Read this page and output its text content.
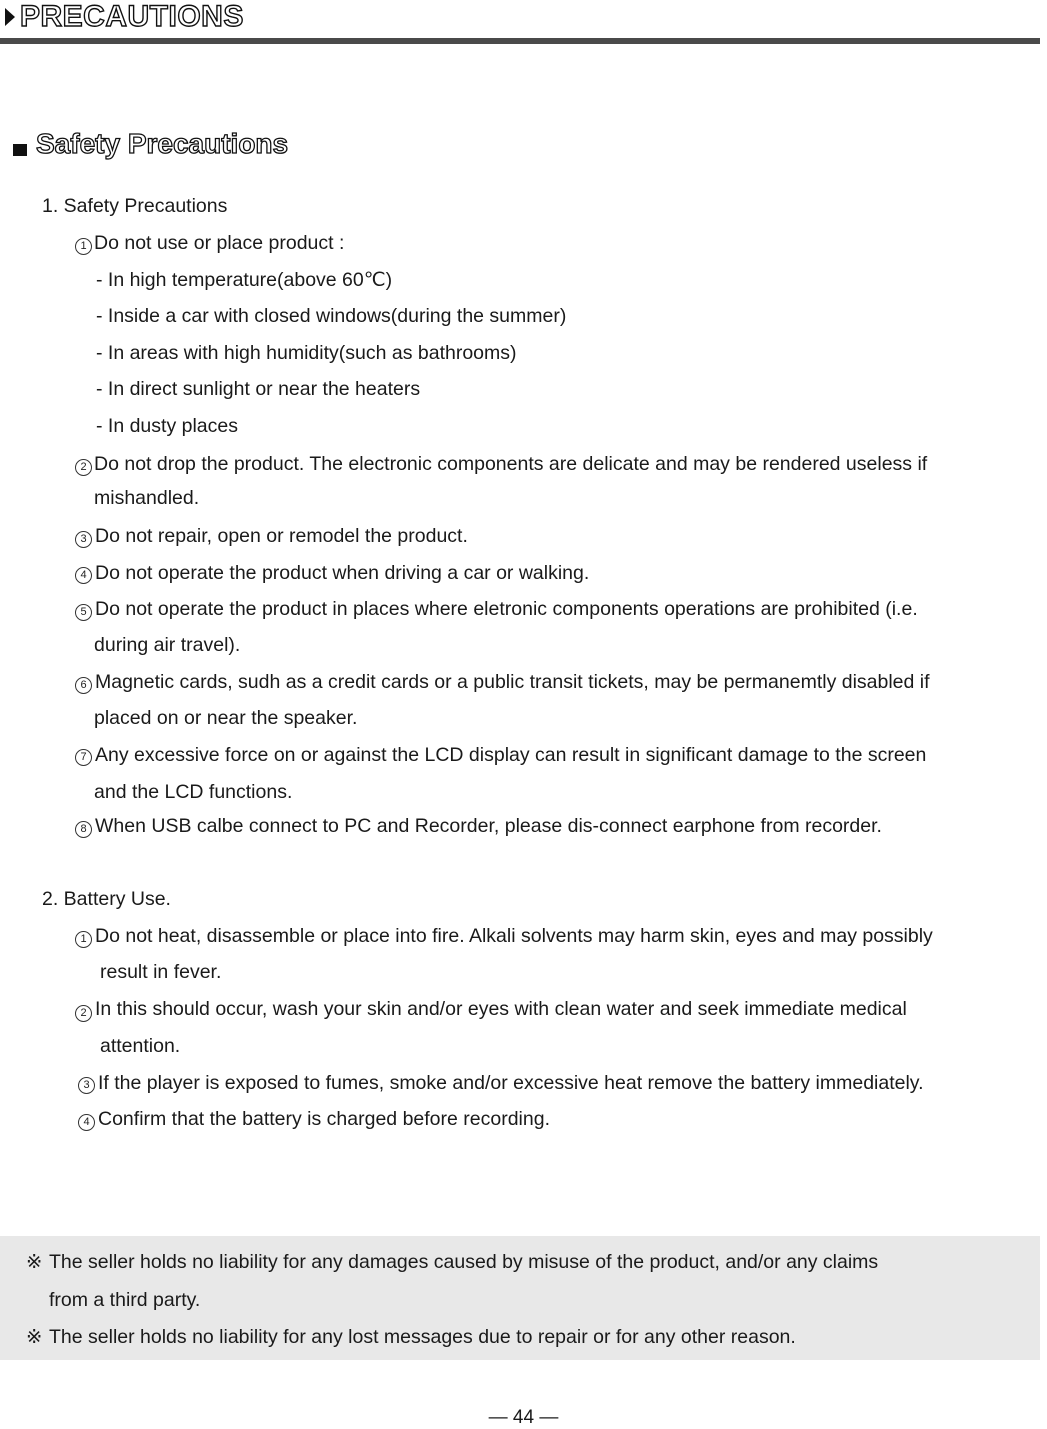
PRECAUTIONS
Safety Precautions
1. Safety Precautions
1 Do not use or place product :
- In high temperature(above 60℃)
- Inside a car with closed windows(during the summer)
- In areas with high humidity(such as bathrooms)
- In direct sunlight or near the heaters
- In dusty places
2 Do not drop the product. The electronic components are delicate and may be rendered useless if
mishandled.
3 Do not repair, open or remodel the product.
4 Do not operate the product when driving a car or walking.
5 Do not operate the product in places where eletronic components operations are prohibited (i.e.
during air travel).
6 Magnetic cards, sudh as a credit cards or a public transit tickets, may be permanemtly disabled if
placed on or near the speaker.
7 Any excessive force on or against the LCD display can result in significant damage to the screen
and the LCD functions.
8 When USB calbe connect to PC and Recorder, please dis-connect earphone from recorder.
2. Battery Use.
1 Do not heat, disassemble or place into fire. Alkali solvents may harm skin, eyes and may possibly
result in fever.
2 In this should occur, wash your skin and/or eyes with clean water and seek immediate medical
attention.
3 If the player is exposed to fumes, smoke and/or excessive heat remove the battery immediately.
4 Confirm that the battery is charged before recording.
※ The seller holds no liability for any damages caused by misuse of the product, and/or any claims
from a third party.
※ The seller holds no liability for any lost messages due to repair or for any other reason.
— 44 —
